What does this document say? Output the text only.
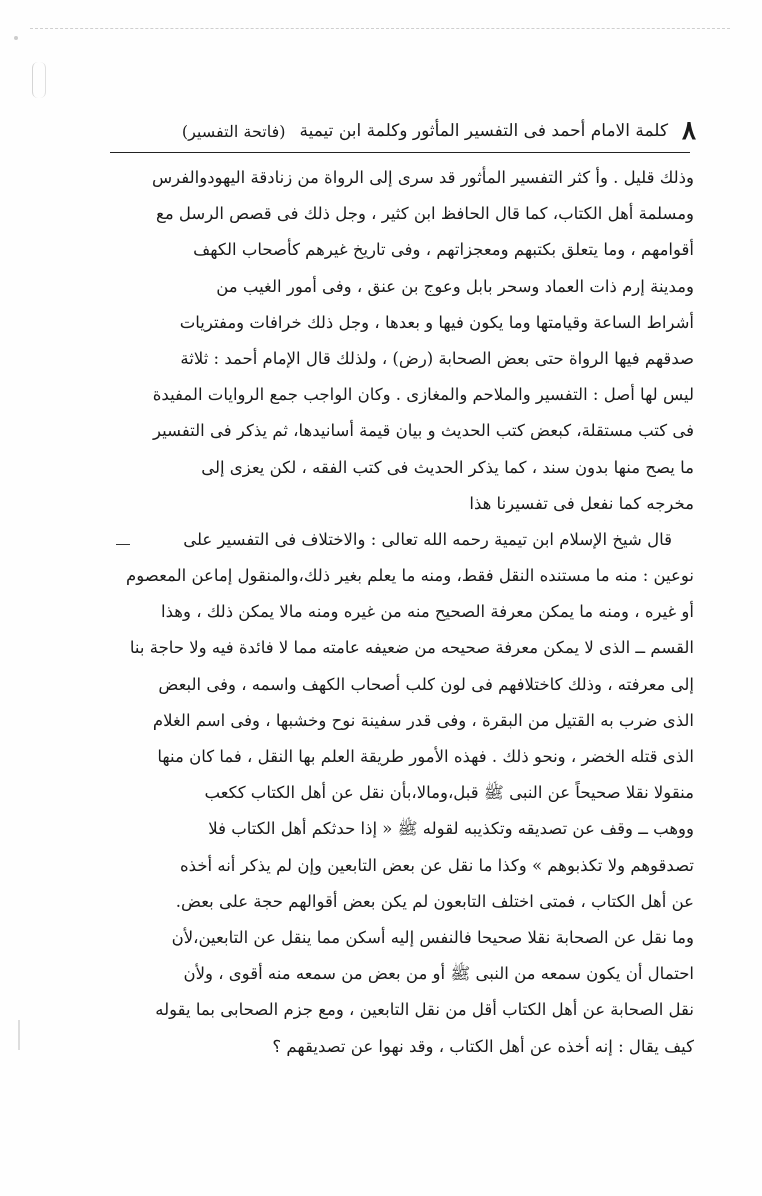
٨
كلمة الامام أحمد فى التفسير المأثور وكلمة ابن تيمية
(فاتحة التفسير)
وذلك قليل . وأ كثر التفسير المأثور قد سرى إلى الرواة من زنادقة اليهودوالفرس
ومسلمة أهل الكتاب، كما قال الحافظ ابن كثير ، وجل ذلك فى قصص الرسل مع
أقوامهم ، وما يتعلق بكتبهم ومعجزاتهم ، وفى تاريخ غيرهم كأصحاب الكهف
ومدينة إرم ذات العماد وسحر بابل وعوج بن عنق ، وفى أمور الغيب من
أشراط الساعة وقيامتها وما يكون فيها و بعدها ، وجل ذلك خرافات ومفتريات
صدقهم فيها الرواة حتى بعض الصحابة (رض) ، ولذلك قال الإمام أحمد : ثلاثة
ليس لها أصل : التفسير والملاحم والمغازى . وكان الواجب جمع الروايات المفيدة
فى كتب مستقلة، كبعض كتب الحديث و بيان قيمة أسانيدها، ثم يذكر فى التفسير
ما يصح منها بدون سند ، كما يذكر الحديث فى كتب الفقه ، لكن يعزى إلى
مخرجه كما نفعل فى تفسيرنا هذا
قال شيخ الإسلام ابن تيمية رحمه الله تعالى : والاختلاف فى التفسير على
نوعين : منه ما مستنده النقل فقط، ومنه ما يعلم بغير ذلك،والمنقول إماعن المعصوم
أو غيره ، ومنه ما يمكن معرفة الصحيح منه من غيره ومنه مالا يمكن ذلك ، وهذا
القسم ــ الذى لا يمكن معرفة صحيحه من ضعيفه عامته مما لا فائدة فيه ولا حاجة بنا
إلى معرفته ، وذلك كاختلافهم فى لون كلب أصحاب الكهف واسمه ، وفى البعض
الذى ضرب به القتيل من البقرة ، وفى قدر سفينة نوح وخشبها ، وفى اسم الغلام
الذى قتله الخضر ، ونحو ذلك . فهذه الأمور طريقة العلم بها النقل ، فما كان منها
منقولا نقلا صحيحاً عن النبى ﷺ قبل،ومالا،بأن نقل عن أهل الكتاب ككعب
ووهب ــ وقف عن تصديقه وتكذيبه لقوله ﷺ « إذا حدثكم أهل الكتاب فلا
تصدقوهم ولا تكذبوهم » وكذا ما نقل عن بعض التابعين وإن لم يذكر أنه أخذه
عن أهل الكتاب ، فمتى اختلف التابعون لم يكن بعض أقوالهم حجة على بعض.
وما نقل عن الصحابة نقلا صحيحا فالنفس إليه أسكن مما ينقل عن التابعين،لأن
احتمال أن يكون سمعه من النبى ﷺ أو من بعض من سمعه منه أقوى ، ولأن
نقل الصحابة عن أهل الكتاب أقل من نقل التابعين ، ومع جزم الصحابى بما يقوله
كيف يقال : إنه أخذه عن أهل الكتاب ، وقد نهوا عن تصديقهم ؟
